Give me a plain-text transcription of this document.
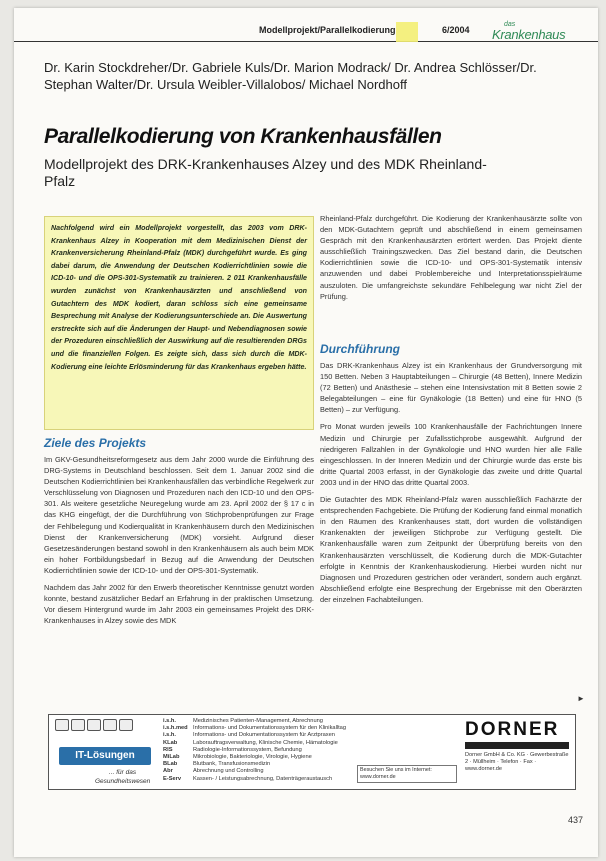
Modellprojekt/Parallelkodierung	6/2004
das
Krankenhaus
Dr. Karin Stockdreher/Dr. Gabriele Kuls/Dr. Marion Modrack/ Dr. Andrea Schlösser/Dr. Stephan Walter/Dr. Ursula Weibler-Villalobos/ Michael Nordhoff
Parallelkodierung von Krankenhausfällen
Modellprojekt des DRK-Krankenhauses Alzey und des MDK Rheinland-Pfalz
Nachfolgend wird ein Modellprojekt vorgestellt, das 2003 vom DRK-Krankenhaus Alzey in Kooperation mit dem Medizinischen Dienst der Krankenversicherung Rheinland-Pfalz (MDK) durchgeführt wurde. Es ging dabei darum, die Anwendung der Deutschen Kodierrichtlinien sowie die ICD-10- und die OPS-301-Systematik zu trainieren. 2 011 Krankenhausfälle wurden zunächst von Krankenhausärzten und anschließend von Gutachtern des MDK kodiert, daran schloss sich eine gemeinsame Besprechung mit Analyse der Kodierungsunterschiede an. Die Auswertung erstreckte sich auf die Änderungen der Haupt- und Nebendiagnosen sowie der Prozeduren einschließlich der Auswirkung auf die resultierenden DRGs und die finanziellen Folgen. Es zeigte sich, dass sich durch die MDK-Kodierung eine leichte Erlösminderung für das Krankenhaus ergeben hätte.
Ziele des Projekts

Im GKV-Gesundheitsreformgesetz aus dem Jahr 2000 wurde die Einführung des DRG-Systems in Deutschland beschlossen. Seit dem 1. Januar 2002 sind die Deutschen Kodierrichtlinien bei Krankenhausfällen das verbindliche Regelwerk zur Verschlüsselung von Diagnosen und Prozeduren nach den ICD-10 und den OPS-301. Als weitere gesetzliche Neuregelung wurde am 23. April 2002 der § 17 c in das KHG eingefügt, der die Durchführung von Stichprobenprüfungen zur Frage der Fehlbelegung und Kodierqualität in Krankenhäusern durch den Medizinischen Dienst der Krankenversicherung (MDK) vorsieht. Aufgrund dieser Gesetzesänderungen bestand sowohl in den Krankenhäusern als auch beim MDK ein hoher Fortbildungsbedarf in Bezug auf die Anwendung der Deutschen Kodierrichtlinien sowie der ICD-10- und der OPS-301-Systematik.

Nachdem das Jahr 2002 für den Erwerb theoretischer Kenntnisse genutzt worden konnte, bestand zusätzlicher Bedarf an Erfahrung in der praktischen Umsetzung. Vor diesem Hintergrund wurde im Jahr 2003 ein gemeinsames Projekt des DRK-Krankenhauses in Alzey sowie des MDK

Rheinland-Pfalz durchgeführt. Die Kodierung der Krankenhausärzte sollte von den MDK-Gutachtern geprüft und abschließend in einem gemeinsamen Gespräch mit den Krankenhausärzten erörtert werden. Das Projekt diente ausschließlich Trainingszwecken. Das Ziel bestand darin, die Deutschen Kodierrichtlinien sowie die ICD-10- und OPS-301-Systematik intensiv anzuwenden und dabei Problembereiche und Interpretationsspielräume auszuloten. Die umfangreichste sekundäre Fehlbelegung war nicht Ziel der Prüfung.

Durchführung

Das DRK-Krankenhaus Alzey ist ein Krankenhaus der Grundversorgung mit 150 Betten. Neben 3 Hauptabteilungen – Chirurgie (48 Betten), Innere Medizin (72 Betten) und Anästhesie – stehen eine Intensivstation mit 8 Betten sowie 2 Belegabteilungen – eine für Gynäkologie (18 Betten) und eine für HNO (5 Betten) – zur Verfügung.

Pro Monat wurden jeweils 100 Krankenhausfälle der Fachrichtungen Innere Medizin und Chirurgie per Zufallsstichprobe ausgewählt. Aufgrund der niedrigeren Fallzahlen in der Gynäkologie und HNO wurden hier alle Fälle eingeschlossen. In der Inneren Medizin und der Chirurgie wurde das erste bis dritte Quartal 2003 erfasst, in der Gynäkologie das zweite und dritte Quartal 2003 und in der HNO das dritte Quartal 2003.

Die Gutachter des MDK Rheinland-Pfalz waren ausschließlich Fachärzte der entsprechenden Fachgebiete. Die Prüfung der Kodierung fand einmal monatlich in den Räumen des Krankenhauses statt, dort wurden die vollständigen Krankenakten der jeweiligen Stichprobe zur Verfügung gestellt. Die Krankenhausfälle waren zum Zeitpunkt der Überprüfung bereits von den Krankenhausärzten verschlüsselt, die Kodierung durch die MDK-Gutachter erfolgte in Kenntnis der Krankenhauskodierung. Hierbei wurden nicht nur Diagnosen und Prozeduren gestrichen oder verändert, sondern auch ergänzt. Abschließend erfolgte eine Besprechung der Ergebnisse mit den Oberärzten der einzelnen Fachabteilungen.

►
IT-Lösungen
... für das
Gesundheitswesen
i.s.h.	Medizinisches Patienten-Management, Abrechnung
i.s.h.med Informations- und Dokumentationssystem für den Klinikalltag
i.s.h.	Informations- und Dokumentationssystem für Arztpraxen
KLab	Laborauftragsverwaltung, Klinische Chemie, Hämatologie
RIS	Radiologie-Informationssystem, Befundung
MiLab	Mikrobiologie, Bakteriologie, Virologie, Hygiene
BLab	Blutbank, Transfusionsmedizin
Abr	Abrechnung und Controlling
E-Serv	Kassen- / Leistungsabrechnung, Datenträgeraustausch
Besuchen Sie uns im Internet: www.dorner.de
DORNER
Dorner GmbH & Co. KG · Gewerbestraße 2 · Müllheim · Telefon · Fax · www.dorner.de
437
